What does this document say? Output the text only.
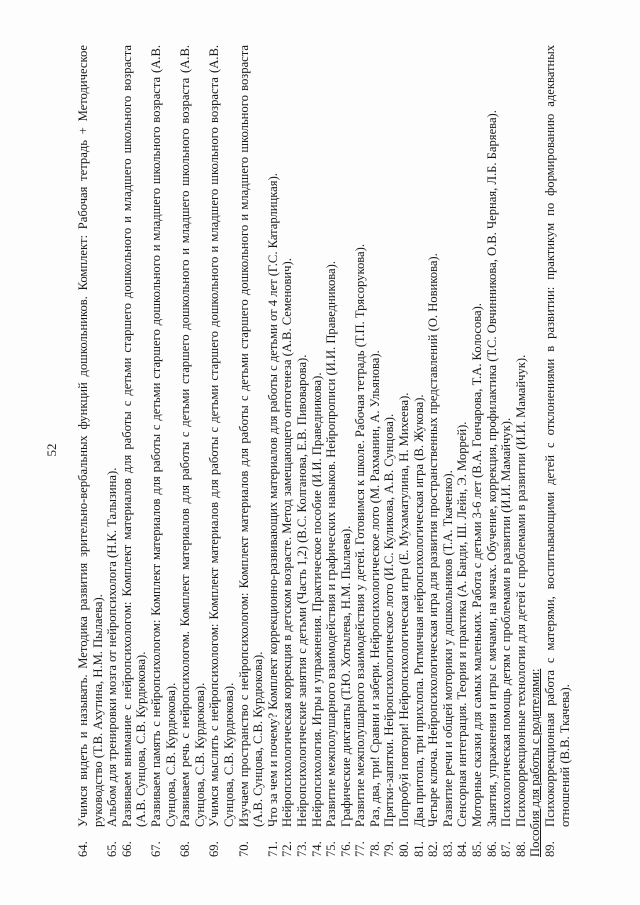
52
64.
Учимся видеть и называть. Методика развития зрительно-вербальных функций дошкольников. Комплект: Рабочая тетрадь + Методическое руководство (Т.В. Ахутина, Н.М. Пылаева).
65.
Альбом для тренировки мозга от нейропсихолога (Н.К. Талызина).
66.
Развиваем внимание с нейропсихологом: Комплект материалов для работы с детьми старшего дошкольного и младшего школьного возраста (А.В. Сунцова, С.В. Курдюкова).
67.
Развиваем память с нейропсихологом: Комплект материалов для работы с детьми старшего дошкольного и младшего школьного возраста (А.В. Сунцова, С.В. Курдюкова).
68.
Развиваем речь с нейропсихологом. Комплект материалов для работы с детьми старшего дошкольного и младшего школьного возраста (А.В. Сунцова, С.В. Курдюкова).
69.
Учимся мыслить с нейропсихологом: Комплект материалов для работы с детьми старшего дошкольного и младшего школьного возраста (А.В. Сунцова, С.В. Курдюкова).
70.
Изучаем пространство с нейропсихологом: Комплект материалов для работы с детьми старшего дошкольного и младшего школьного возраста (А.В. Сунцова, С.В. Курдюкова).
71.
Что за чем и почему? Комплект коррекционно-развивающих материалов для работы с детьми от 4 лет (Г.С. Катарлицкая).
72.
Нейропсихологическая коррекция в детском возрасте. Метод замещающего онтогенеза (А.В. Семенович).
73.
Нейропсихологические занятия с детьми (Часть 1,2) (В.С. Колганова, Е.В. Пивоварова).
74.
Нейропсихология. Игры и упражнения. Практическое пособие (И.И. Праведникова).
75.
Развитие межполушарного взаимодействия и графических навыков. Нейропрописи (И.И. Праведникова).
76.
Графические диктанты (Т.Ю. Хотылева, Н.М. Пылаева).
77.
Развитие межполушарного взаимодействия у детей. Готовимся к школе. Рабочая тетрадь (Т.П. Трясорукова).
78.
Раз, два, три! Сравни и забери. Нейропсихологическое лото (М. Рахманин, А. Ульянова).
79.
Прятки-запятки. Нейропсихологическое лото (И.С. Куликова, А.В. Сунцова).
80.
Попробуй повтори! Нейропсихологическая игра (Е. Мухаматулина, Н. Михеева).
81.
Два притопа, три прихлопа. Ритмичная нейропсихологическая игра (В. Жукова).
82.
Четыре ключа. Нейропсихологическая игра для развития пространственных представлений (О. Новикова).
83.
Развитие речи и общей моторики у дошкольников (Т.А. Ткаченко).
84.
Сенсорная интеграция. Теория и практика (А. Банди, Ш. Лейн, Э. Моррей).
85.
Моторные сказки для самых маленьких. Работа с детьми 3-6 лет (В.А. Гончарова, Т.А. Колосова).
86.
Занятия, упражнения и игры с мячами, на мячах. Обучение, коррекция, профилактика (Т.С. Овчинникова, О.В. Черная, Л.Б. Баряева).
87.
Психологическая помощь детям с проблемами в развитии (И.И. Мамайчук).
88.
Психокоррекционные технологии для детей с проблемами в развитии (И.И. Мамайчук). Пособия для работы с родителями: 89.
Психокоррекционная работа с матерями, воспитывающими детей с отклонениями в развитии: практикум по формированию адекватных отношений (В.В. Ткачева).
